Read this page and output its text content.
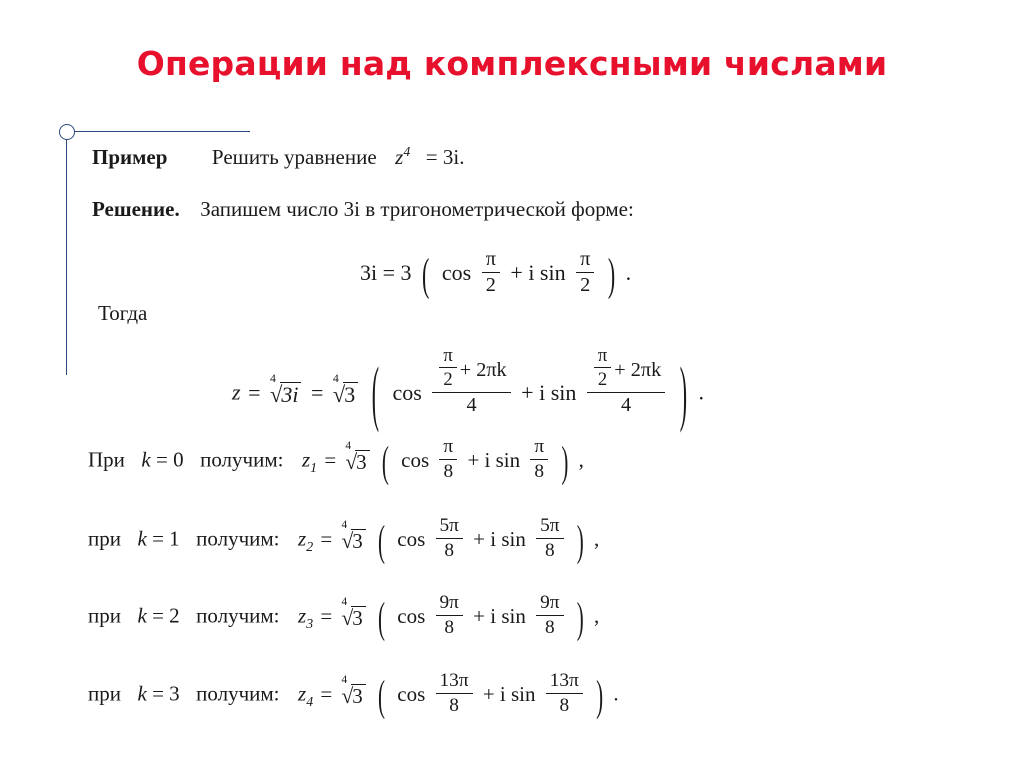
Операции над комплексными числами
Пример Решить уравнение $z^4 = 3i$.
Решение. Запишем число 3i в тригонометрической форме:
3i = 3 ( $\cos \frac{\pi}{2} + i$ $\sin \frac{\pi}{2}$ ) .
Тогда
z =
4
√3i =
4
√3 ( $\cos \frac{\frac{\pi}{2} + 2\pi k}{4} + i$ $\sin \frac{\frac{\pi}{2} + 2\pi k}{4}$ ) .
При k = 0 получим: $z_1$ =
4
√3 ( $\cos \frac{\pi}{8} + i$ $\sin \frac{\pi}{8}$ ) ,
при k = 1 получим: $z_2$ =
4
√3 ( $\cos \frac{5\pi}{8} + i$ $\sin \frac{5\pi}{8}$ ) ,
при k = 2 получим: $z_3$ =
4
√3 ( $\cos \frac{9\pi}{8} + i$ $\sin \frac{9\pi}{8}$ ) ,
при k = 3 получим: $z_4$ =
4
√3 ( $\cos \frac{13\pi}{8} + i$ $\sin \frac{13\pi}{8}$ ) .
